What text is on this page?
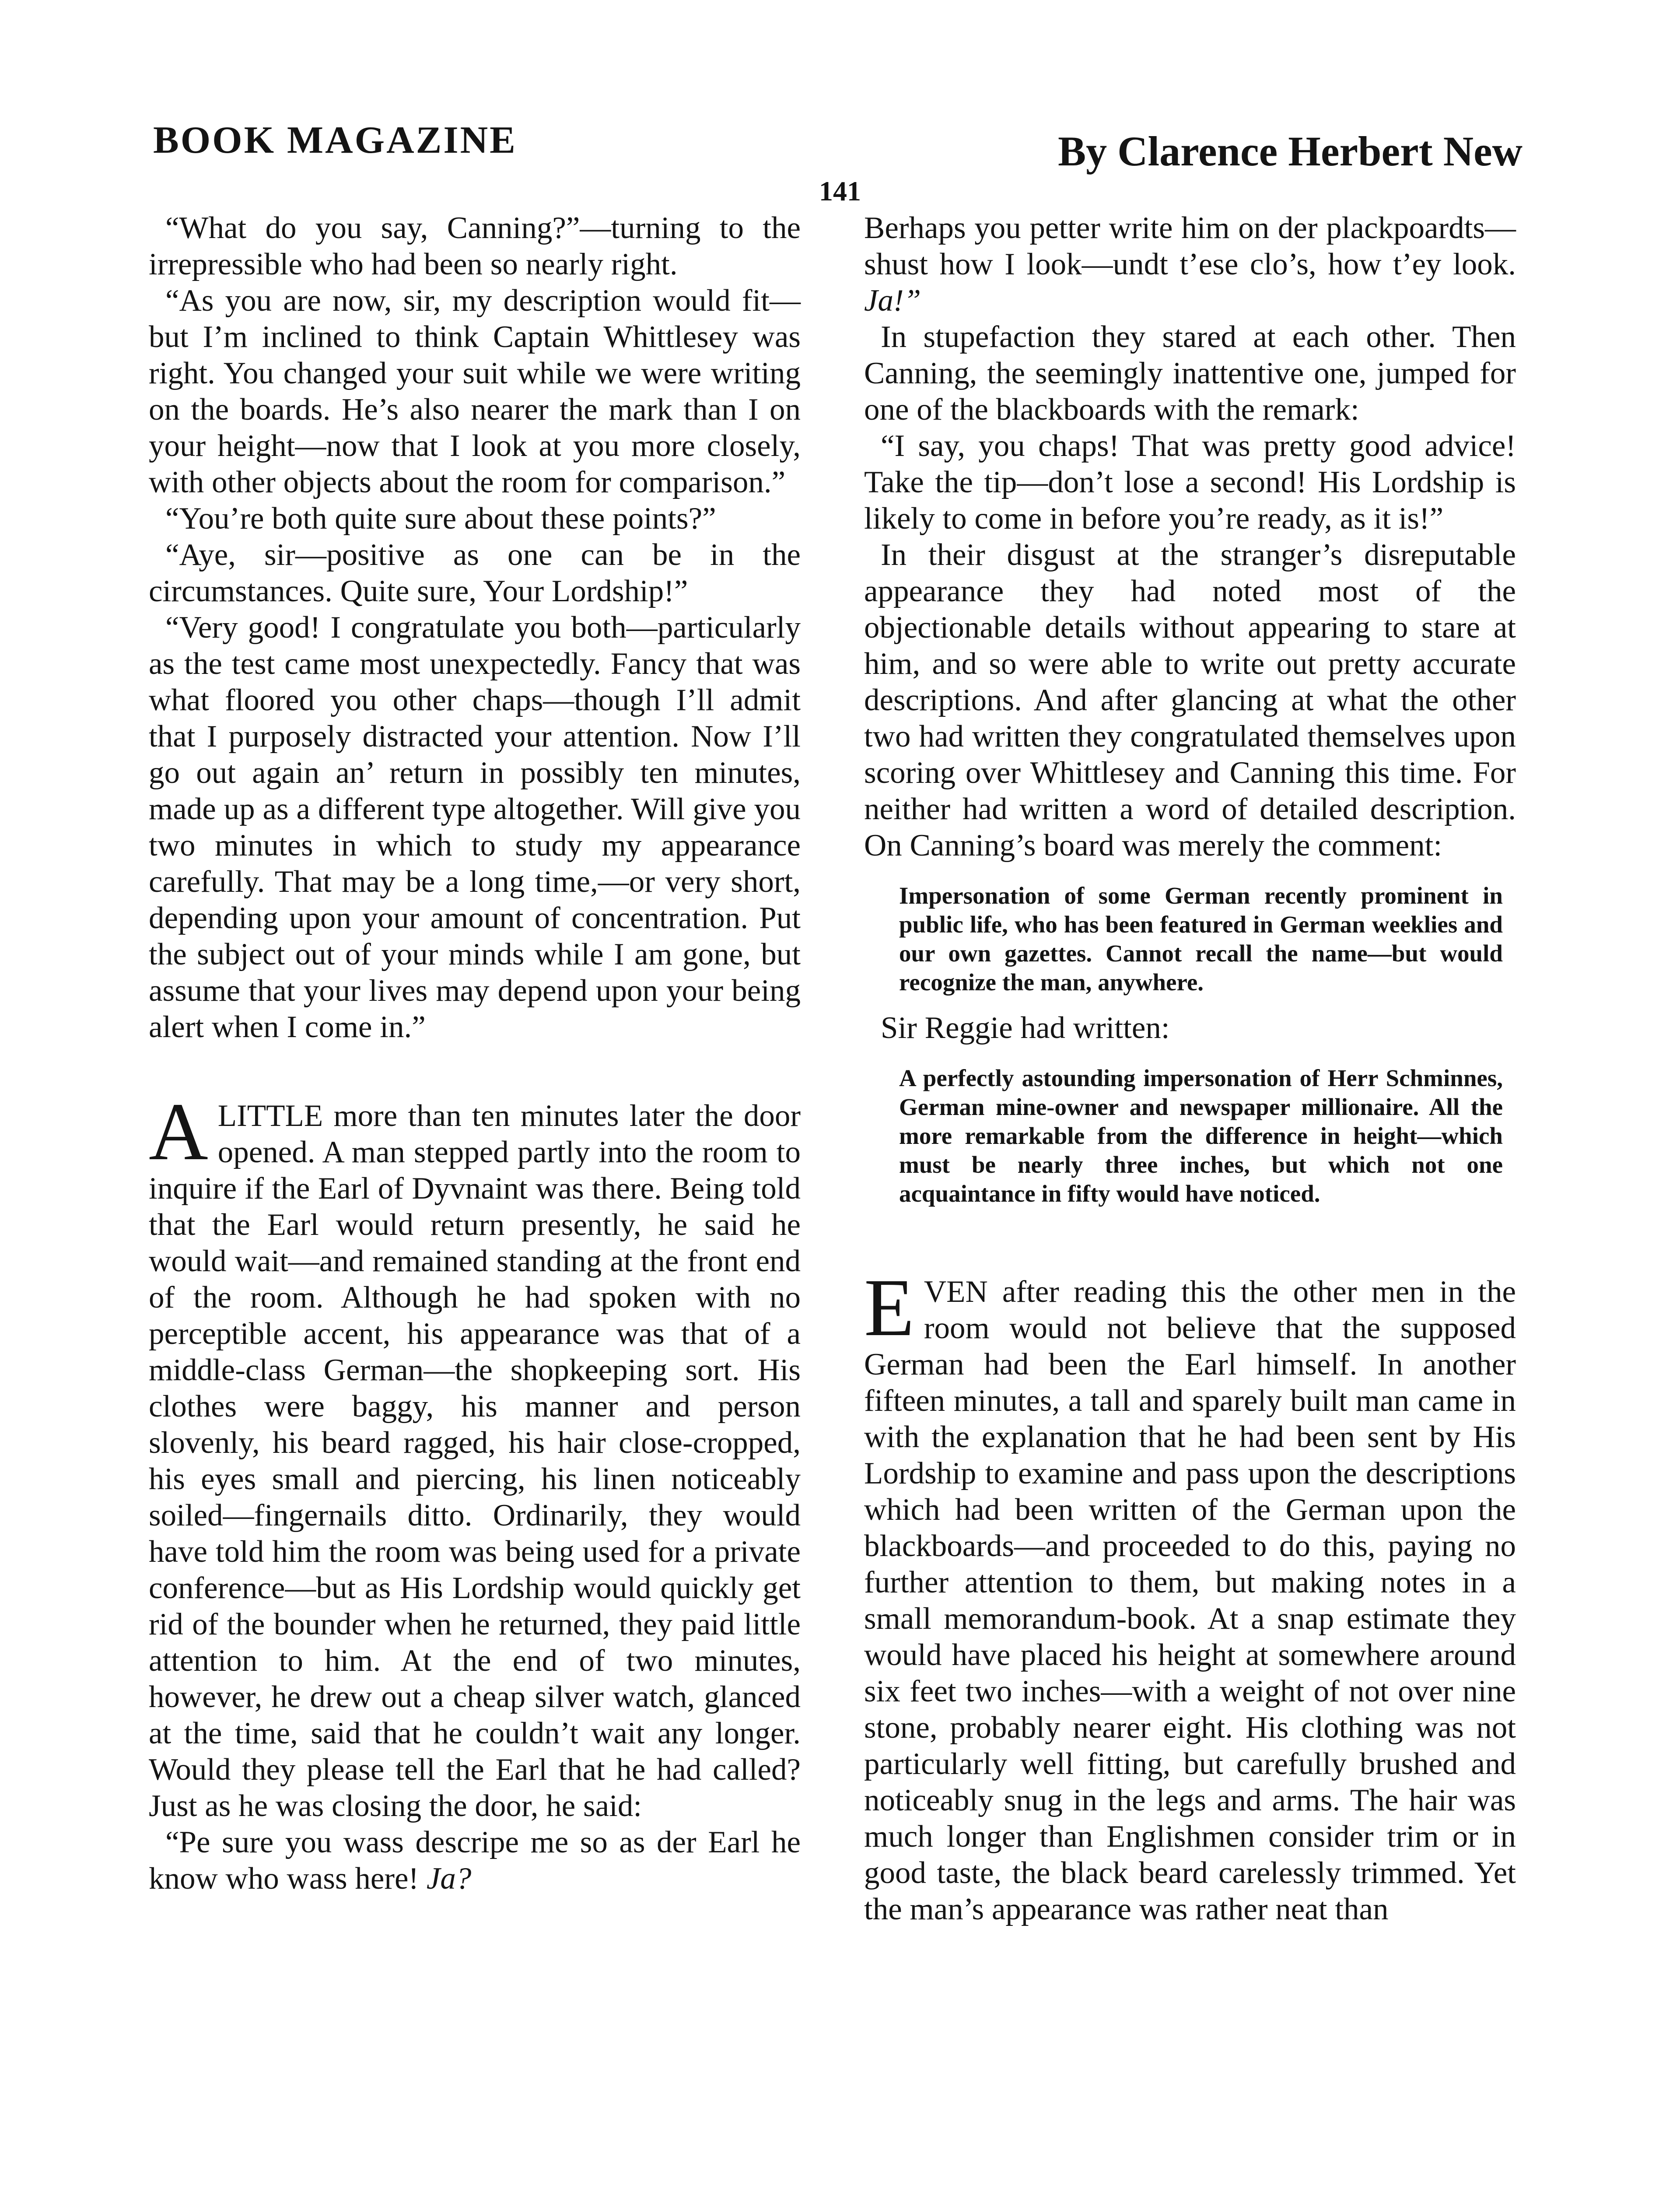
BOOK MAGAZINE	By Clarence Herbert New
141

“What do you say, Canning?”—turning to the irrepressible who had been so nearly right.

“As you are now, sir, my description would fit—but I’m inclined to think Captain Whittlesey was right. You changed your suit while we were writing on the boards. He’s also nearer the mark than I on your height—now that I look at you more closely, with other objects about the room for comparison.”

“You’re both quite sure about these points?”

“Aye, sir—positive as one can be in the circumstances. Quite sure, Your Lordship!”

“Very good! I congratulate you both—particularly as the test came most unexpectedly. Fancy that was what floored you other chaps—though I’ll admit that I purposely distracted your attention. Now I’ll go out again an’ return in possibly ten minutes, made up as a different type altogether. Will give you two minutes in which to study my appearance carefully. That may be a long time,—or very short, depending upon your amount of concentration. Put the subject out of your minds while I am gone, but assume that your lives may depend upon your being alert when I come in.”

ALITTLE more than ten minutes later the door opened. A man stepped partly into the room to inquire if the Earl of Dyvnaint was there. Being told that the Earl would return presently, he said he would wait—and remained standing at the front end of the room. Although he had spoken with no perceptible accent, his appearance was that of a middle-class German—the shopkeeping sort. His clothes were baggy, his manner and person slovenly, his beard ragged, his hair close-cropped, his eyes small and piercing, his linen noticeably soiled—fingernails ditto. Ordinarily, they would have told him the room was being used for a private conference—but as His Lordship would quickly get rid of the bounder when he returned, they paid little attention to him. At the end of two minutes, however, he drew out a cheap silver watch, glanced at the time, said that he couldn’t wait any longer. Would they please tell the Earl that he had called? Just as he was closing the door, he said:

“Pe sure you wass descripe me so as der Earl he know who wass here! Ja?

Berhaps you petter write him on der plackpoardts—shust how I look—undt t’ese clo’s, how t’ey look. Ja!”

In stupefaction they stared at each other. Then Canning, the seemingly inattentive one, jumped for one of the blackboards with the remark:

“I say, you chaps! That was pretty good advice! Take the tip—don’t lose a second! His Lordship is likely to come in before you’re ready, as it is!”

In their disgust at the stranger’s disreputable appearance they had noted most of the objectionable details without appearing to stare at him, and so were able to write out pretty accurate descriptions. And after glancing at what the other two had written they congratulated themselves upon scoring over Whittlesey and Canning this time. For neither had written a word of detailed description. On Canning’s board was merely the comment:

Impersonation of some German recently prominent in public life, who has been featured in German weeklies and our own gazettes. Cannot recall the name—but would recognize the man, anywhere.

Sir Reggie had written:

A perfectly astounding impersonation of Herr Schminnes, German mine-owner and newspaper millionaire. All the more remarkable from the difference in height—which must be nearly three inches, but which not one acquaintance in fifty would have noticed.

EVEN after reading this the other men in the room would not believe that the supposed German had been the Earl himself. In another fifteen minutes, a tall and sparely built man came in with the explanation that he had been sent by His Lordship to examine and pass upon the descriptions which had been written of the German upon the blackboards—and proceeded to do this, paying no further attention to them, but making notes in a small memorandum-book. At a snap estimate they would have placed his height at somewhere around six feet two inches—with a weight of not over nine stone, probably nearer eight. His clothing was not particularly well fitting, but carefully brushed and noticeably snug in the legs and arms. The hair was much longer than Englishmen consider trim or in good taste, the black beard carelessly trimmed. Yet the man’s appearance was rather neat than
